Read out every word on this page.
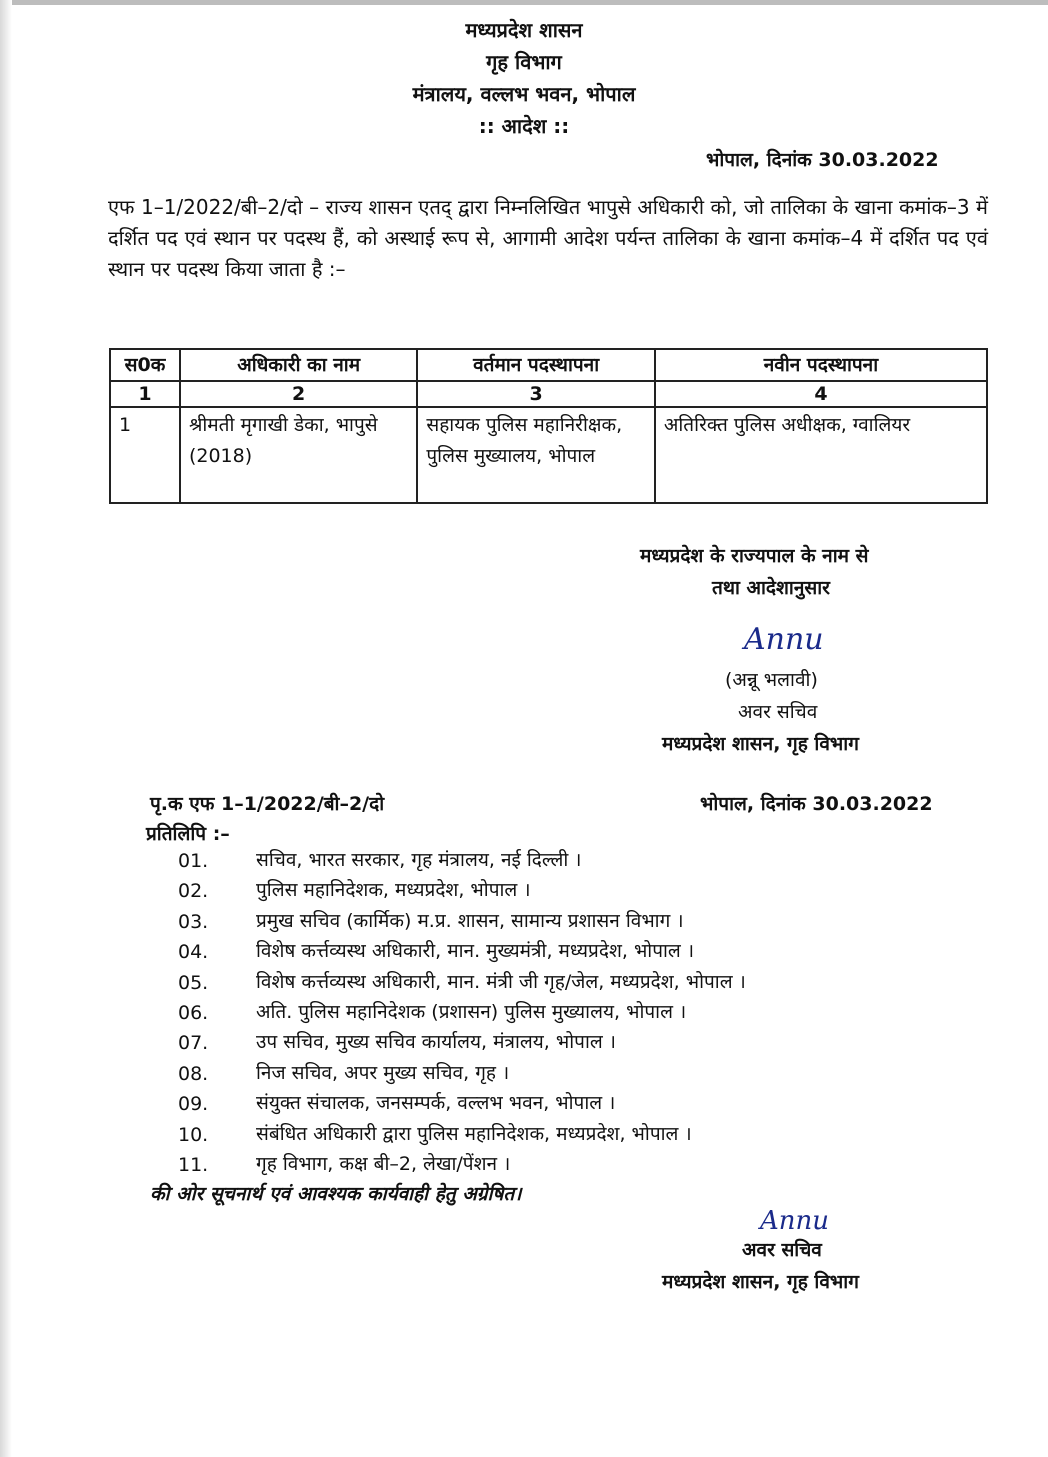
मध्यप्रदेश शासन
गृह विभाग
मंत्रालय, वल्लभ भवन, भोपाल
:: आदेश ::
भोपाल, दिनांक 30.03.2022
एफ 1–1/2022/बी–2/दो – राज्य शासन एतद् द्वारा निम्नलिखित भापुसे अधिकारी को, जो तालिका के खाना कमांक–3 में दर्शित पद एवं स्थान पर पदस्थ हैं, को अस्थाई रूप से, आगामी आदेश पर्यन्त तालिका के खाना कमांक–4 में दर्शित पद एवं स्थान पर पदस्थ किया जाता है :–
स0क	अधिकारी का नाम	वर्तमान पदस्थापना	नवीन पदस्थापना
1	2	3	4
1	श्रीमती मृगाखी डेका, भापुसे (2018)	सहायक पुलिस महानिरीक्षक, पुलिस मुख्यालय, भोपाल	अतिरिक्त पुलिस अधीक्षक, ग्वालियर
मध्यप्रदेश के राज्यपाल के नाम से
तथा आदेशानुसार
Annu
(अन्नू भलावी)
अवर सचिव
मध्यप्रदेश शासन, गृह विभाग
पृ.क एफ 1–1/2022/बी–2/दो	भोपाल, दिनांक 30.03.2022
प्रतिलिपि :–
01.	सचिव, भारत सरकार, गृह मंत्रालय, नई दिल्ली ।
02.	पुलिस महानिदेशक, मध्यप्रदेश, भोपाल ।
03.	प्रमुख सचिव (कार्मिक) म.प्र. शासन, सामान्य प्रशासन विभाग ।
04.	विशेष कर्त्तव्यस्थ अधिकारी, मान. मुख्यमंत्री, मध्यप्रदेश, भोपाल ।
05.	विशेष कर्त्तव्यस्थ अधिकारी, मान. मंत्री जी गृह/जेल, मध्यप्रदेश, भोपाल ।
06.	अति. पुलिस महानिदेशक (प्रशासन) पुलिस मुख्यालय, भोपाल ।
07.	उप सचिव, मुख्य सचिव कार्यालय, मंत्रालय, भोपाल ।
08.	निज सचिव, अपर मुख्य सचिव, गृह ।
09.	संयुक्त संचालक, जनसम्पर्क, वल्लभ भवन, भोपाल ।
10.	संबंधित अधिकारी द्वारा पुलिस महानिदेशक, मध्यप्रदेश, भोपाल ।
11.	गृह विभाग, कक्ष बी–2, लेखा/पेंशन ।
की ओर सूचनार्थ एवं आवश्यक कार्यवाही हेतु अग्रेषित।
Annu
अवर सचिव
मध्यप्रदेश शासन, गृह विभाग
